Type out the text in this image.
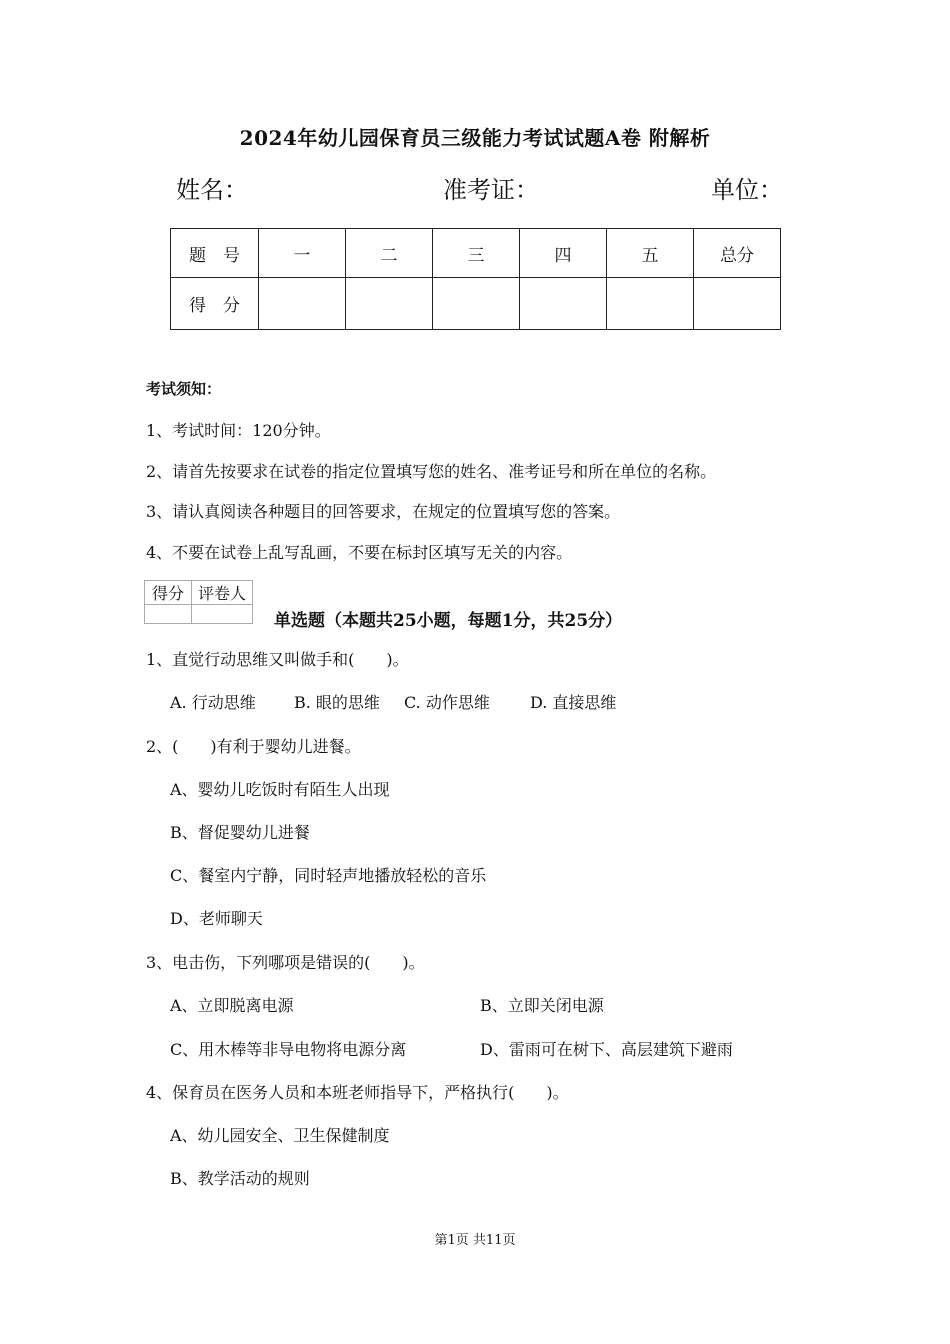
2024年幼儿园保育员三级能力考试试题A卷 附解析
姓名：	准考证：	单位：
题　号	一	二	三	四	五	总分
得　分						
考试须知：
1、考试时间：120分钟。
2、请首先按要求在试卷的指定位置填写您的姓名、准考证号和所在单位的名称。
3、请认真阅读各种题目的回答要求，在规定的位置填写您的答案。
4、不要在试卷上乱写乱画，不要在标封区填写无关的内容。
得分	评卷人

单选题（本题共25小题，每题1分，共25分）
1、直觉行动思维又叫做手和(　　)。
A. 行动思维 B. 眼的思维 C. 动作思维	D. 直接思维
2、(　　)有利于婴幼儿进餐。
A、婴幼儿吃饭时有陌生人出现
B、督促婴幼儿进餐
C、餐室内宁静，同时轻声地播放轻松的音乐
D、老师聊天
3、电击伤，下列哪项是错误的(　　)。
A、立即脱离电源	B、立即关闭电源
C、用木棒等非导电物将电源分离	D、雷雨可在树下、高层建筑下避雨
4、保育员在医务人员和本班老师指导下，严格执行(　　)。
A、幼儿园安全、卫生保健制度
B、教学活动的规则
第1页 共11页
